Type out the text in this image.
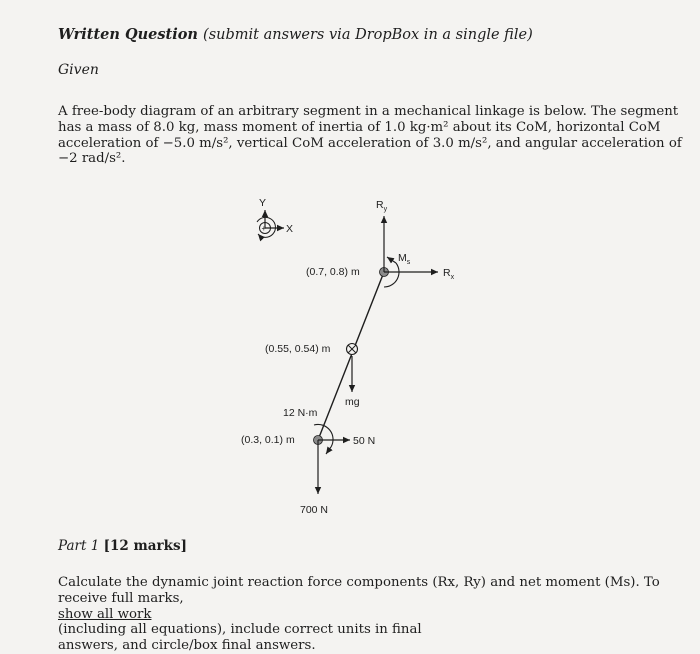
Written Question (submit answers via DropBox in a single file)
Given

A free-body diagram of an arbitrary segment in a mechanical linkage is below. The segment
has a mass of 8.0 kg, mass moment of inertia of 1.0 kg·m² about its CoM, horizontal CoM
acceleration of −5.0 m/s², vertical CoM acceleration of 3.0 m/s², and angular acceleration of
−2 rad/s².

Y
X
+
$R_y$
$R_x$
$M_s$
(0.7, 0.8) m
mg
(0.55, 0.54) m
12 N·m
50 N
700 N
(0.3, 0.1) m
Part 1 [12 marks]

Calculate the dynamic joint reaction force components (Rx, Ry) and net moment (Ms). To
receive full marks,
show all work
(including all equations), include correct units in final
answers, and circle/box final answers.
